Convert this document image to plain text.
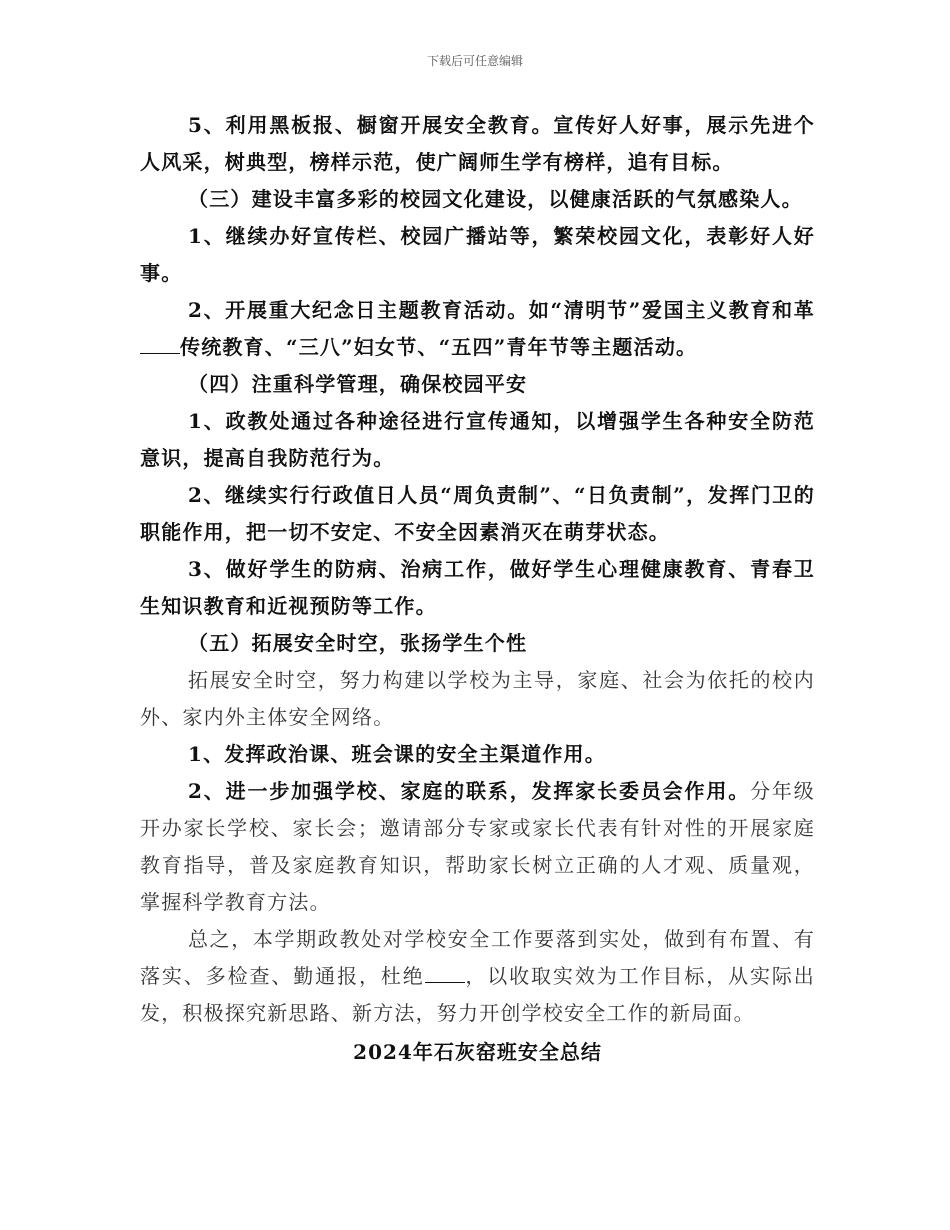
下载后可任意编辑

5、利用黑板报、橱窗开展安全教育。宣传好人好事，展示先进个人风采，树典型，榜样示范，使广阔师生学有榜样，追有目标。

（三）建设丰富多彩的校园文化建设，以健康活跃的气氛感染人。

1、继续办好宣传栏、校园广播站等，繁荣校园文化，表彰好人好事。

2、开展重大纪念日主题教育活动。如“清明节”爱国主义教育和革传统教育、“三八”妇女节、“五四”青年节等主题活动。

（四）注重科学管理，确保校园平安

1、政教处通过各种途径进行宣传通知，以增强学生各种安全防范意识，提高自我防范行为。

2、继续实行行政值日人员“周负责制”、“日负责制”，发挥门卫的职能作用，把一切不安定、不安全因素消灭在萌芽状态。

3、做好学生的防病、治病工作，做好学生心理健康教育、青春卫生知识教育和近视预防等工作。

（五）拓展安全时空，张扬学生个性

拓展安全时空，努力构建以学校为主导，家庭、社会为依托的校内外、家内外主体安全网络。

1、发挥政治课、班会课的安全主渠道作用。

2、进一步加强学校、家庭的联系，发挥家长委员会作用。分年级开办家长学校、家长会；邀请部分专家或家长代表有针对性的开展家庭教育指导，普及家庭教育知识，帮助家长树立正确的人才观、质量观，掌握科学教育方法。

总之，本学期政教处对学校安全工作要落到实处，做到有布置、有落实、多检查、勤通报，杜绝 ，以收取实效为工作目标，从实际出发，积极探究新思路、新方法，努力开创学校安全工作的新局面。

2024年石灰窑班安全总结
